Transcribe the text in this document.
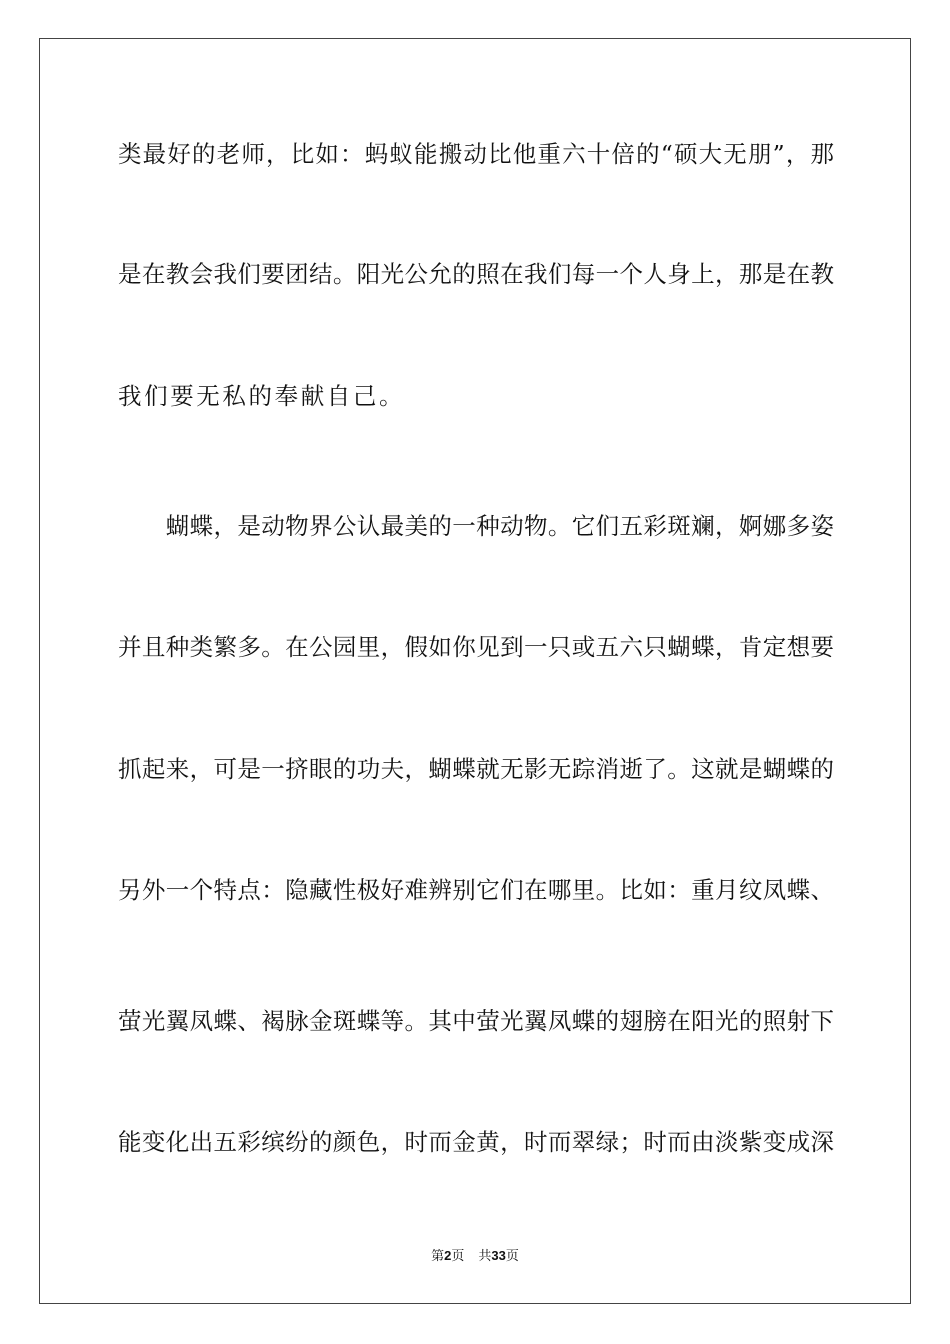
类最好的老师，比如：蚂蚁能搬动比他重六十倍的“硕大无朋”，那
是在教会我们要团结。阳光公允的照在我们每一个人身上，那是在教
我们要无私的奉献自己。
　　蝴蝶，是动物界公认最美的一种动物。它们五彩斑斓，婀娜多姿
并且种类繁多。在公园里，假如你见到一只或五六只蝴蝶，肯定想要
抓起来，可是一挤眼的功夫，蝴蝶就无影无踪消逝了。这就是蝴蝶的
另外一个特点：隐藏性极好难辨别它们在哪里。比如：重月纹凤蝶、
萤光翼凤蝶、褐脉金斑蝶等。其中萤光翼凤蝶的翅膀在阳光的照射下
能变化出五彩缤纷的颜色，时而金黄，时而翠绿；时而由淡紫变成深
第2页 共33页
